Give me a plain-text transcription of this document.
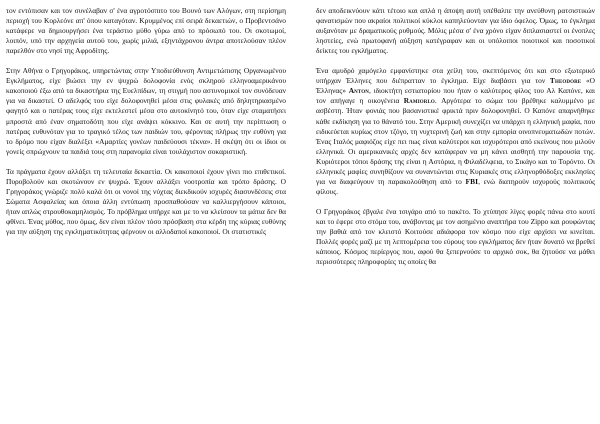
τον εντόπισαν και τον συνέλαβαν σ' ένα αγροτόσπιτο του Βουνό των Αλόγων, στη περίσημη περιοχή του Κορλεόνε απ' όπου καταγόταν. Κρυμμένος επί σειρά δεκαετιών, ο Προβεντσάνο κατάφερε να δημιουργήσει ένα τεράστιο μύθο γύρω από το πρόσωπό του. Οι σκοτωμοί, λοιπόν, υπό την αρχηγεία αυτού του, χωρίς μιλιά, εξηντάχρονου άντρα αποτελούσαν πλέον παρελθόν στο νησί της Αφροδίτης.

Στην Αθήνα ο Γρηγοράκος, υπηρετώντας στην Υποδιεύθυνση Αντιμετώπισης Οργανωμένου Εγκλήματος, είχε βιώσει την εν ψυχρώ δολοφονία ενός σκληρού ελληνοαμερικάνου κακοποιού έξω από τα δικαστήρια της Ευελπίδων, τη στιγμή που αστυνομικοί τον συνόδευαν για να δικαστεί. Ο αδελφός του είχε δολοφονηθεί μέσα στις φυλακές από δηλητηριασμένο φαγητό και ο πατέρας τους είχε εκτελεστεί μέσα στο αυτοκίνητό του, όταν είχε σταματήσει μπροστά από έναν σηματοδότη που είχε ανάψει κόκκινο. Και σε αυτή την περίπτωση ο πατέρας ευθυνόταν για το τραγικό τέλος των παιδιών του, φέροντας πλήρως την ευθύνη για το δρόμο που είχαν διαλέξει «Αμαρτίες γονέων παιδεύουσι τέκνα». Η σκέψη ότι οι ίδιοι οι γονείς σπρώχνουν τα παιδιά τους στη παρανομία είναι τουλάχιστον σοκαριστική.

Τα πράγματα έχουν αλλάξει τη τελευταία δεκαετία. Οι κακοποιοί έχουν γίνει πιο επιθετικοί. Πυροβολούν και σκοτώνουν εν ψυχρώ. Έχουν αλλάξει νοοτροπία και τρόπο δράσης. Ο Γρηγοράκος γνώριζε πολύ καλά ότι οι νονοί της νύχτας διεκδικούν ισχυρές διασυνδέσεις στα Σώματα Ασφαλείας και όποια άλλη εντύπωση προσπαθούσαν να καλλιεργήσουν κάποιοι, ήταν απλώς στρουθοκαμηλισμός. Το πρόβλημα υπήρχε και με το να κλείσουν τα μάτια δεν θα φθίνει. Ένας μύθος, που όμως, δεν είναι πλέον τόσο πρόσβαση στα κέρδη της κύριας ευθύνης για την αύξηση της εγκληματικότητας φέρνουν οι αλλοδαποί κακοποιοί. Οι στατιστικές

δεν αποδεικνύουν κάτι τέτοιο και απλά η άποψη αυτή υπέθαλπε την ανεύθυνη ρατσιστικών φανατισμών που ακραίοι πολιτικοί κύκλοι καπηλεύονταν για ίδιο όφελος. Όμως, το έγκλημα αυξανόταν με δραματικούς ρυθμούς. Μόλις μέσα σ' ένα χρόνο είχαν διπλασιαστεί οι ένοπλες ληστείες, ενώ πρωτοφανή αύξηση κατέγραφαν και οι υπόλοιποι ποιοτικοί και ποσοτικοί δείκτες του εγκλήματος.

Ένα αμυδρό χαμόγελο εμφανίστηκε στα χείλη του, σκεπτόμενος ότι και στο εξωτερικό υπήρχαν Έλληνες που διέπρατταν το έγκλημα. Είχε διαβάσει για τον Theodore «Ο Έλληνας» Anton, ιδιοκτήτη εστιατορίου που ήταν ο καλύτερος φίλος του Αλ Καπόνε, και τον απήγαγε η οικογένεια Ramiorlo. Αργότερα το σώμα του βρέθηκε καλυμμένο με ασβέστη. Ήταν φονιάς που βασανιστικέ φρικτά πριν δολοφονηθεί. Ο Καπόνε απαρνήθηκε κάθε εκδίκηση για το θάνατό του. Στην Αμερική συνεχίζει να υπάρχει η ελληνική μαφία, που ειδικεύεται κυρίως στον τζόγο, τη νυχτερινή ζωή και στην εμπορία οινοπνευματωδών ποτών. Ένας Ιταλός μαφιόζος είχε πει πως είναι καλύτεροι και ισχυρότεροι από εκείνους που μιλούν ελληνικά. Οι αμερικανικές αρχές δεν κατάφεραν να μη κάνει αισθητή την παρουσία της. Κυριότεροι τόποι δράσης της είναι η Αστόρια, η Φιλαδέλφεια, το Σικάγο και το Τορόντο. Οι ελληνικές μαφίες συνηθίζουν να συναντώνται στις Κυριακές στις ελληνορθόδοξες εκκλησίες για να διαφεύγουν τη παρακολούθηση από το FBI, ενώ διατηρούν ισχυρούς πολιτικούς φίλους.

Ο Γρηγοράκος έβγαλε ένα τσιγάρο από το πακέτο. Το χτύπησε λίγες φορές πάνω στο κουτί και το έφερε στο στόμα του, ανάβοντας με τον ασημένιο αναπτήρα του Zippo και ρουφώντας την βαθιά από τον κλειστό Κοιτούσε αδιάφορα τον κόσμο που είχε αρχίσει να κινείται. Πολλές φορές μαζί με τη λεπτομέρεια του εύρους του εγκλήματος δεν ήταν δυνατό να βρεθεί κάποιος. Κόσμος περίεργος που, αφού θα ξεπερνούσε το αρχικό σοκ, θα ζητούσε να μάθει περισσότερες πληροφορίες τις οποίες θα
